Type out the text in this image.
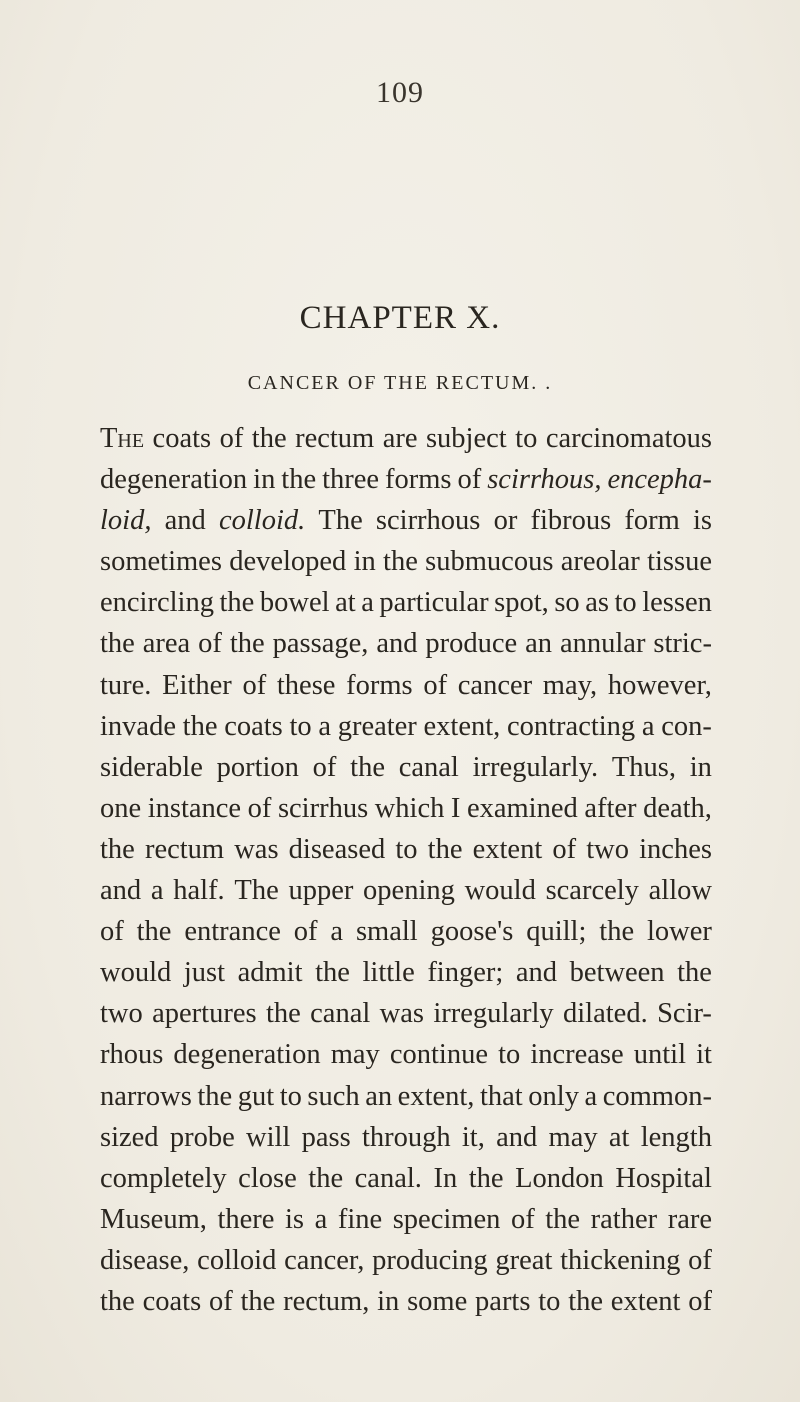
109
CHAPTER X.
CANCER OF THE RECTUM. .
The coats of the rectum are subject to carcinomatous
degeneration in the three forms of scirrhous, encepha-
loid, and colloid. The scirrhous or fibrous form is
sometimes developed in the submucous areolar tissue
encircling the bowel at a particular spot, so as to lessen
the area of the passage, and produce an annular stric-
ture. Either of these forms of cancer may, however,
invade the coats to a greater extent, contracting a con-
siderable portion of the canal irregularly. Thus, in
one instance of scirrhus which I examined after death,
the rectum was diseased to the extent of two inches
and a half. The upper opening would scarcely allow
of the entrance of a small goose's quill; the lower
would just admit the little finger; and between the
two apertures the canal was irregularly dilated. Scir-
rhous degeneration may continue to increase until it
narrows the gut to such an extent, that only a common-
sized probe will pass through it, and may at length
completely close the canal. In the London Hospital
Museum, there is a fine specimen of the rather rare
disease, colloid cancer, producing great thickening of
the coats of the rectum, in some parts to the extent of
